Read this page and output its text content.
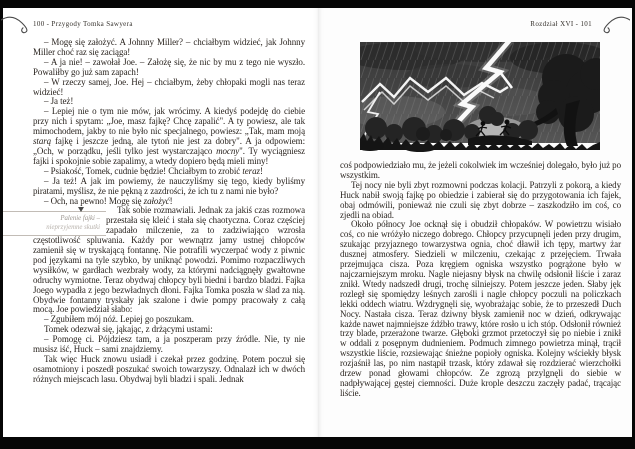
100 - Przygody Tomka Sawyera
Palenie fajki –
nieprzyjemne skutki

– Mogę się założyć. A Johnny Miller? – chciałbym widzieć, jak Johnny Miller choć raz się zaciąga!

– A ja nie! – zawołał Joe. – Założę się, że nic by mu z tego nie wyszło. Powaliłby go już sam zapach!

– W rzeczy samej, Joe. Hej – chciałbym, żeby chłopaki mogli nas teraz widzieć!

– Ja też!

– Lepiej nie o tym nie mów, jak wrócimy. A kiedyś podejdę do ciebie przy nich i spytam: „Joe, masz fajkę? Chcę zapalić". A ty powiesz, ale tak mimochodem, jakby to nie było nic specjalnego, powiesz: „Tak, mam moją starą fajkę i jeszcze jedną, ale tytoń nie jest za dobry". A ja odpowiem: „Och, w porządku, jeśli tylko jest wystarczająco mocny". Ty wyciągniesz fajki i spokojnie sobie zapalimy, a wtedy dopiero będą mieli miny!

– Psiakość, Tomek, cudnie będzie! Chciałbym to zrobić teraz!

– Ja też! A jak im powiemy, że nauczyliśmy się tego, kiedy byliśmy piratami, myślisz, że nie pękną z zazdrości, że ich tu z nami nie było?

– Och, na pewno! Mogę się założyć!

Tak sobie rozmawiali. Jednak za jakiś czas rozmowa przestała się kleić i stała się chaotyczna. Coraz częściej zapadało milczenie, za to zadziwiająco wzrosła częstotliwość spluwania. Każdy por wewnątrz jamy ustnej chłopców zamienił się w tryskającą fontannę. Nie potrafili wyczerpać wody z piwnic pod językami na tyle szybko, by uniknąć powodzi. Pomimo rozpaczliwych wysiłków, w gardłach wezbrały wody, za którymi nadciągnęły gwałtowne odruchy wymiotne. Teraz obydwaj chłopcy byli biedni i bardzo bladzi. Fajka Joego wypadła z jego bezwładnych dłoni. Fajka Tomka poszła w ślad za nią. Obydwie fontanny tryskały jak szalone i dwie pompy pracowały z całą mocą. Joe powiedział słabo:

– Zgubiłem mój nóż. Lepiej go poszukam.

Tomek odezwał się, jąkając, z drżącymi ustami:

– Pomogę ci. Pójdziesz tam, a ja poszperam przy źródle. Nie, ty nie musisz iść, Huck – sami znajdziemy.

Tak więc Huck znowu usiadł i czekał przez godzinę. Potem poczuł się osamotniony i poszedł poszukać swoich towarzyszy. Odnalazł ich w dwóch różnych miejscach lasu. Obydwaj byli bladzi i spali. Jednak

Rozdział XVI - 101

coś podpowiedziało mu, że jeżeli cokolwiek im wcześniej dolegało, było już po wszystkim.

Tej nocy nie byli zbyt rozmowni podczas kolacji. Patrzyli z pokorą, a kiedy Huck nabił swoją fajkę po obiedzie i zabierał się do przygotowania ich fajek, obaj odmówili, ponieważ nie czuli się zbyt dobrze – zaszkodziło im coś, co zjedli na obiad.

Około północy Joe ocknął się i obudził chłopaków. W powietrzu wisiało coś, co nie wróżyło niczego dobrego. Chłopcy przycupnęli jeden przy drugim, szukając przyjaznego towarzystwa ognia, choć dławił ich tępy, martwy żar dusznej atmosfery. Siedzieli w milczeniu, czekając z przejęciem. Trwała przejmująca cisza. Poza kręgiem ogniska wszystko pogrążone było w najczarniejszym mroku. Nagle niejasny błysk na chwilę odsłonił liście i zaraz znikł. Wtedy nadszedł drugi, trochę silniejszy. Potem jeszcze jeden. Słaby jęk rozległ się spomiędzy leśnych zarośli i nagle chłopcy poczuli na policzkach lekki oddech wiatru. Wzdrygnęli się, wyobrażając sobie, że to przeszedł Duch Nocy. Nastała cisza. Teraz dziwny błysk zamienił noc w dzień, odkrywając każde nawet najmniejsze źdźbło trawy, które rosło u ich stóp. Odsłonił również trzy blade, przerażone twarze. Głęboki grzmot przetoczył się po niebie i znikł w oddali z posępnym dudnieniem. Podmuch zimnego powietrza minął, trącił wszystkie liście, rozsiewając śnieżne popioły ogniska. Kolejny wściekły błysk rozjaśnił las, po nim nastąpił trzask, który zdawał się rozdzierać wierzchołki drzew ponad głowami chłopców. Ze zgrozą przylgnęli do siebie w nadpływającej gęstej ciemności. Duże krople deszczu zaczęły padać, trącając liście.
